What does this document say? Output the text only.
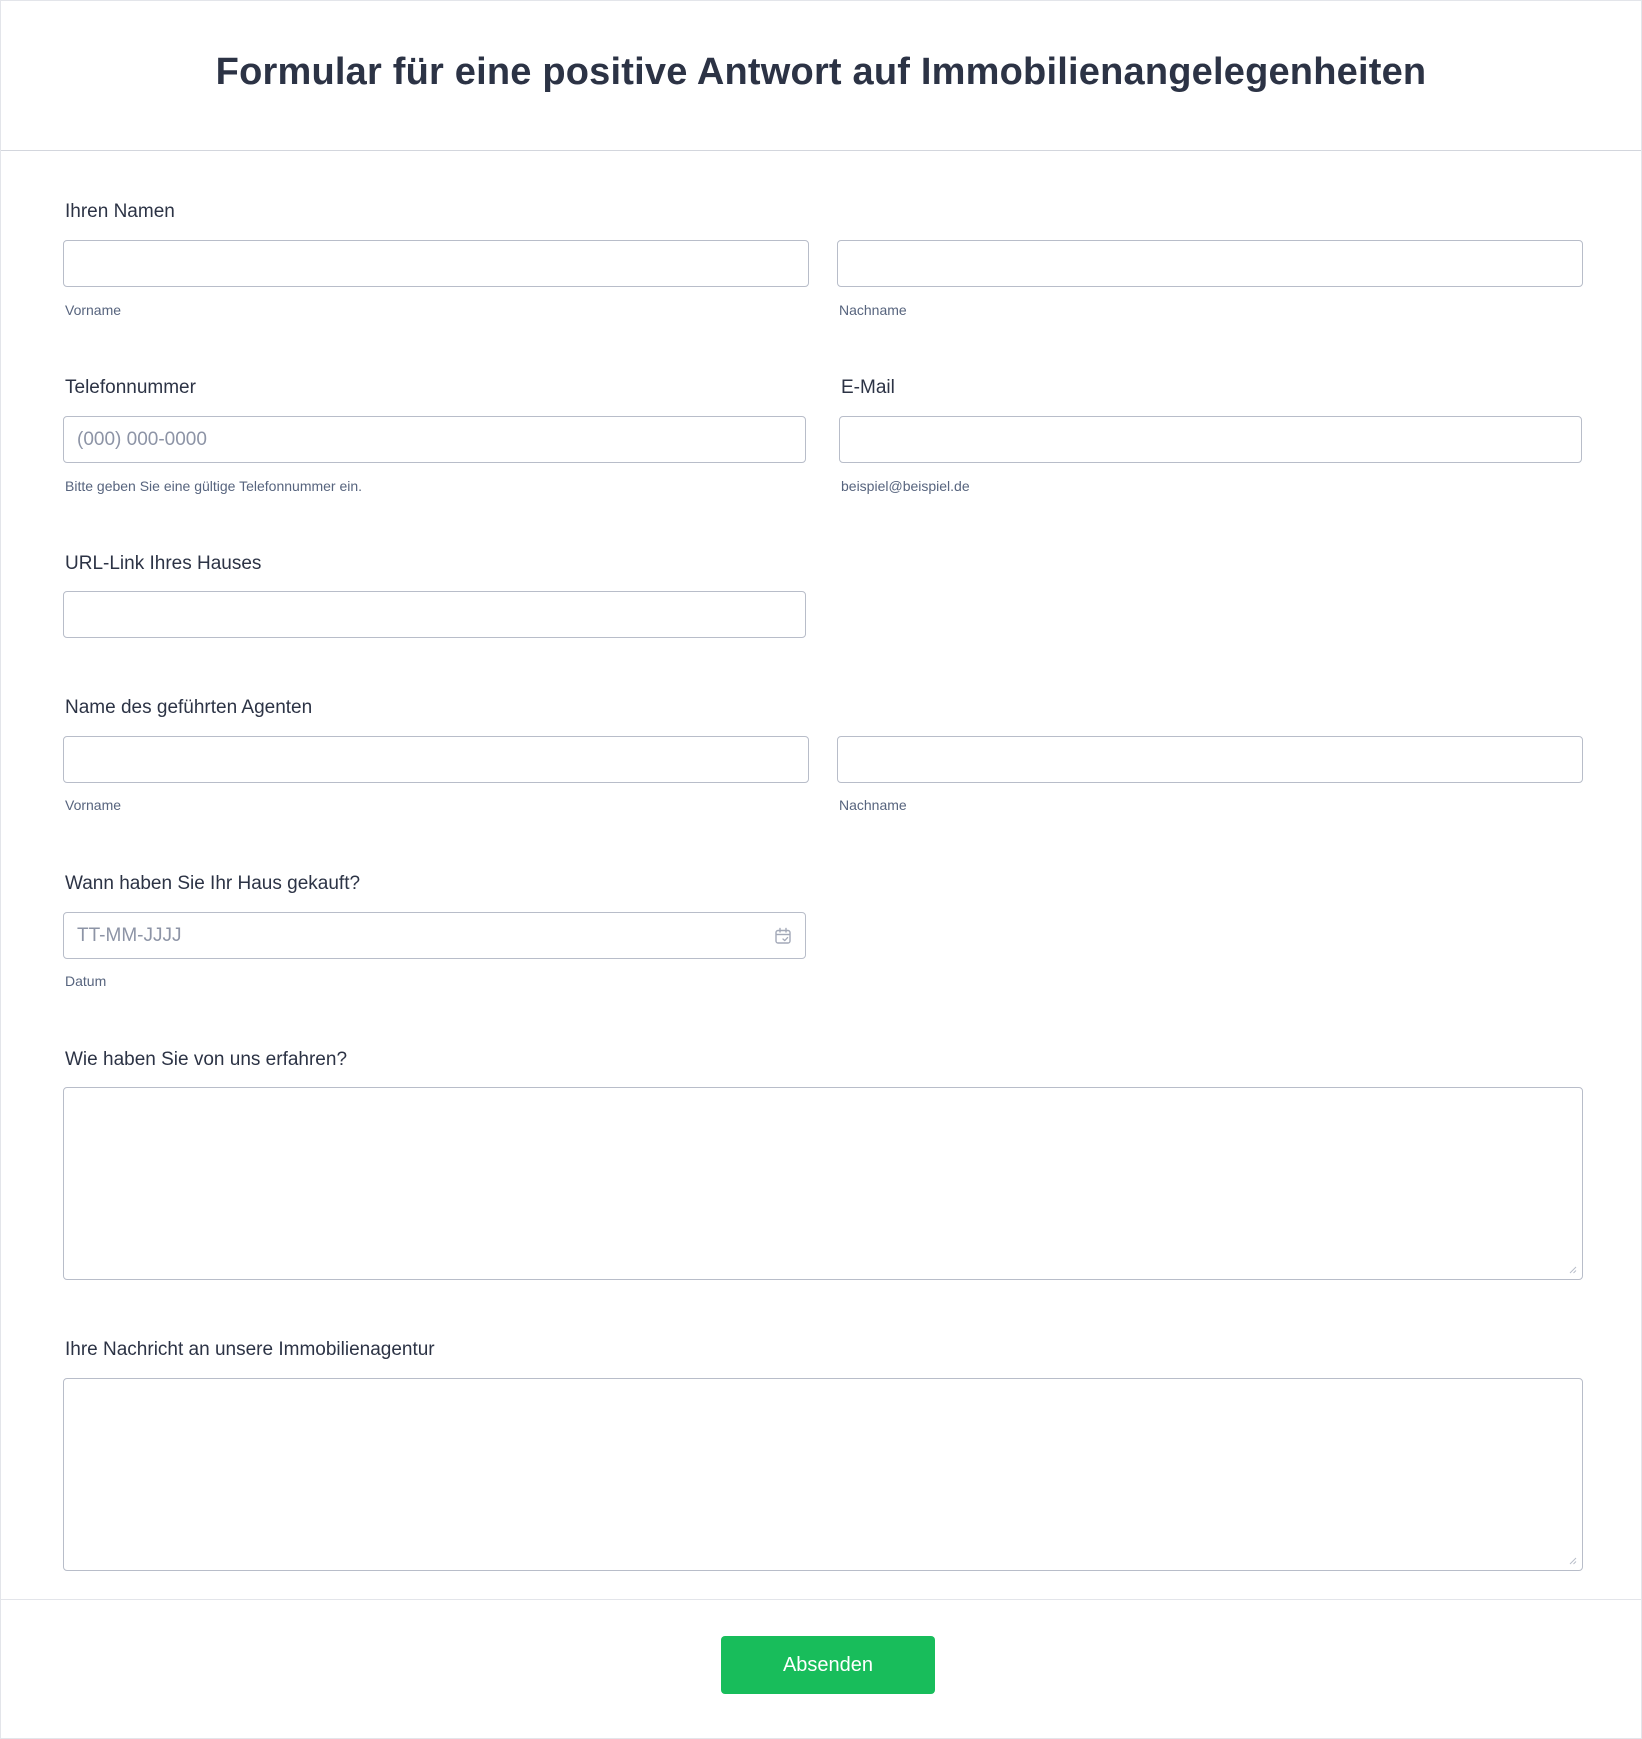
Formular für eine positive Antwort auf Immobilienangelegenheiten
Ihren Namen
Vorname	Nachname
Telefonnummer
(000) 000-0000
Bitte geben Sie eine gültige Telefonnummer ein.
E-Mail
beispiel@beispiel.de
URL-Link Ihres Hauses
Name des geführten Agenten
Vorname	Nachname
Wann haben Sie Ihr Haus gekauft?
TT-MM-JJJJ
Datum
Wie haben Sie von uns erfahren?
Ihre Nachricht an unsere Immobilienagentur
Absenden
